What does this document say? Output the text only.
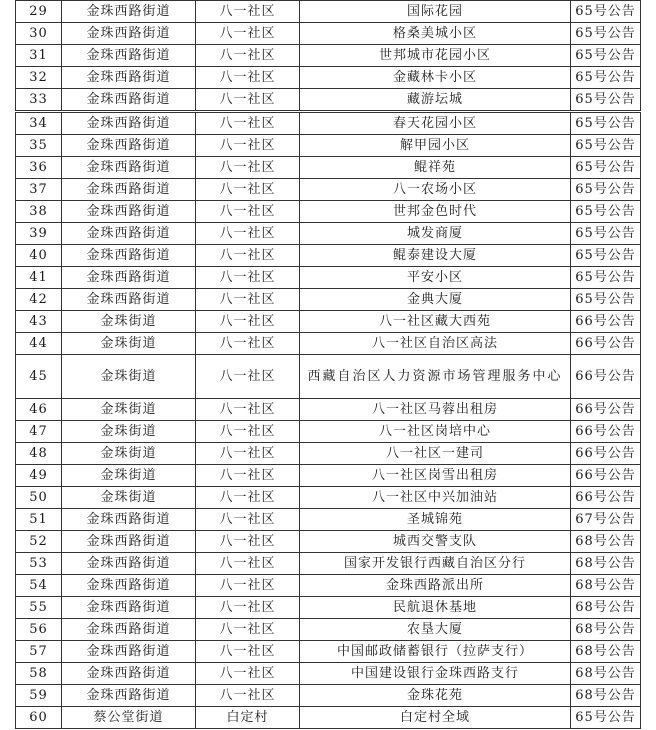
29	金珠西路街道	八一社区	国际花园	65号公告
30	金珠西路街道	八一社区	格桑美城小区	65号公告
31	金珠西路街道	八一社区	世邦城市花园小区	65号公告
32	金珠西路街道	八一社区	金藏林卡小区	65号公告
33	金珠西路街道	八一社区	藏游坛城	65号公告
34	金珠西路街道	八一社区	春天花园小区	65号公告
35	金珠西路街道	八一社区	解甲园小区	65号公告
36	金珠西路街道	八一社区	鲲祥苑	65号公告
37	金珠西路街道	八一社区	八一农场小区	65号公告
38	金珠西路街道	八一社区	世邦金色时代	65号公告
39	金珠西路街道	八一社区	城发商厦	65号公告
40	金珠西路街道	八一社区	鲲泰建设大厦	65号公告
41	金珠西路街道	八一社区	平安小区	65号公告
42	金珠西路街道	八一社区	金典大厦	65号公告
43	金珠街道	八一社区	八一社区藏大西苑	66号公告
44	金珠街道	八一社区	八一社区自治区高法	66号公告
45	金珠街道	八一社区	西藏自治区人力资源市场管理服务中心	66号公告
46	金珠街道	八一社区	八一社区马蓉出租房	66号公告
47	金珠街道	八一社区	八一社区岗培中心	66号公告
48	金珠街道	八一社区	八一社区一建司	66号公告
49	金珠街道	八一社区	八一社区岗雪出租房	66号公告
50	金珠街道	八一社区	八一社区中兴加油站	66号公告
51	金珠西路街道	八一社区	圣城锦苑	67号公告
52	金珠西路街道	八一社区	城西交警支队	68号公告
53	金珠西路街道	八一社区	国家开发银行西藏自治区分行	68号公告
54	金珠西路街道	八一社区	金珠西路派出所	68号公告
55	金珠西路街道	八一社区	民航退休基地	68号公告
56	金珠西路街道	八一社区	农垦大厦	68号公告
57	金珠西路街道	八一社区	中国邮政储蓄银行（拉萨支行）	68号公告
58	金珠西路街道	八一社区	中国建设银行金珠西路支行	68号公告
59	金珠西路街道	八一社区	金珠花苑	68号公告
60	蔡公堂街道	白定村	白定村全域	65号公告
